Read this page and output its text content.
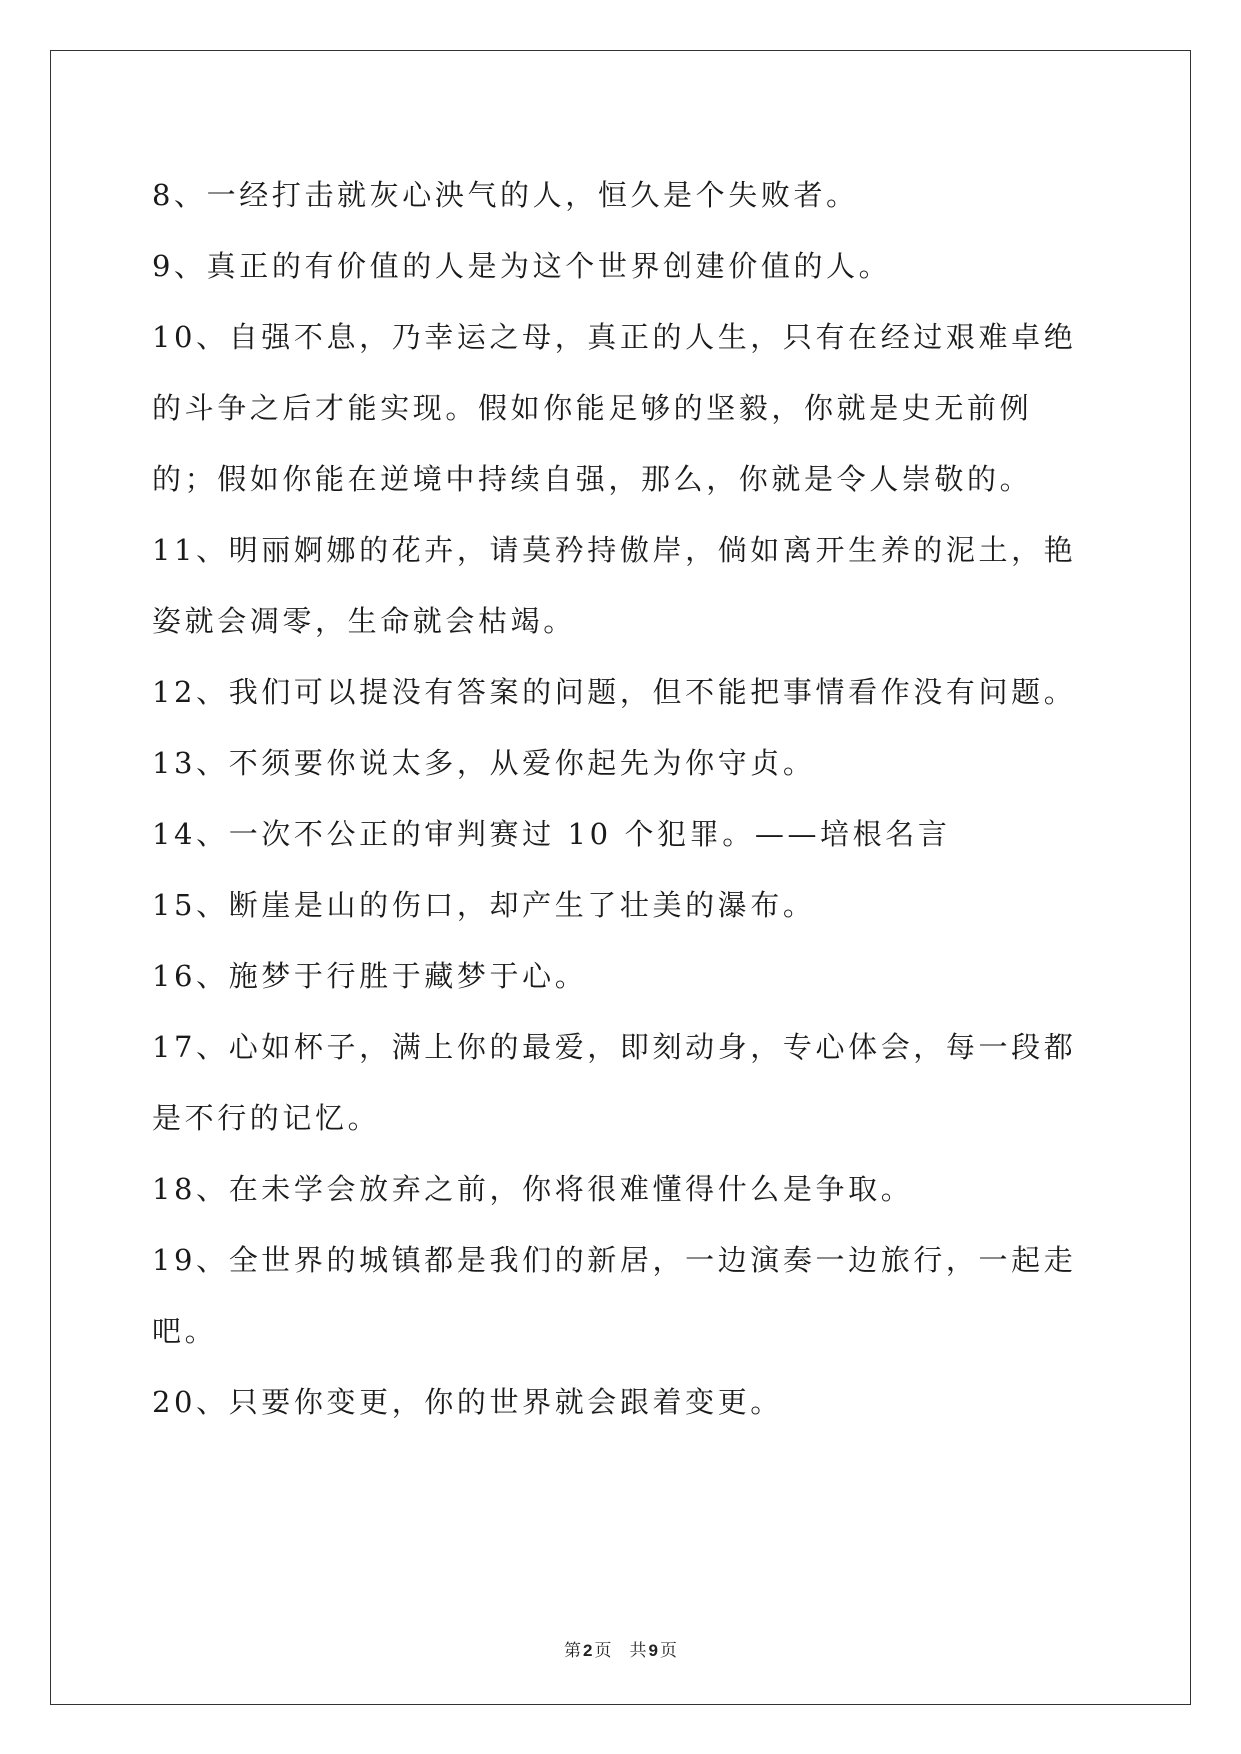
8、一经打击就灰心泱气的人，恒久是个失败者。

9、真正的有价值的人是为这个世界创建价值的人。

10、自强不息，乃幸运之母，真正的人生，只有在经过艰难卓绝的斗争之后才能实现。假如你能足够的坚毅，你就是史无前例的；假如你能在逆境中持续自强，那么，你就是令人崇敬的。

11、明丽婀娜的花卉，请莫矜持傲岸，倘如离开生养的泥土，艳姿就会凋零，生命就会枯竭。

12、我们可以提没有答案的问题，但不能把事情看作没有问题。

13、不须要你说太多，从爱你起先为你守贞。

14、一次不公正的审判赛过 10 个犯罪。——培根名言

15、断崖是山的伤口，却产生了壮美的瀑布。

16、施梦于行胜于藏梦于心。

17、心如杯子，满上你的最爱，即刻动身，专心体会，每一段都是不行的记忆。

18、在未学会放弃之前，你将很难懂得什么是争取。

19、全世界的城镇都是我们的新居，一边演奏一边旅行，一起走吧。

20、只要你变更，你的世界就会跟着变更。

第 2 页 共 9 页
